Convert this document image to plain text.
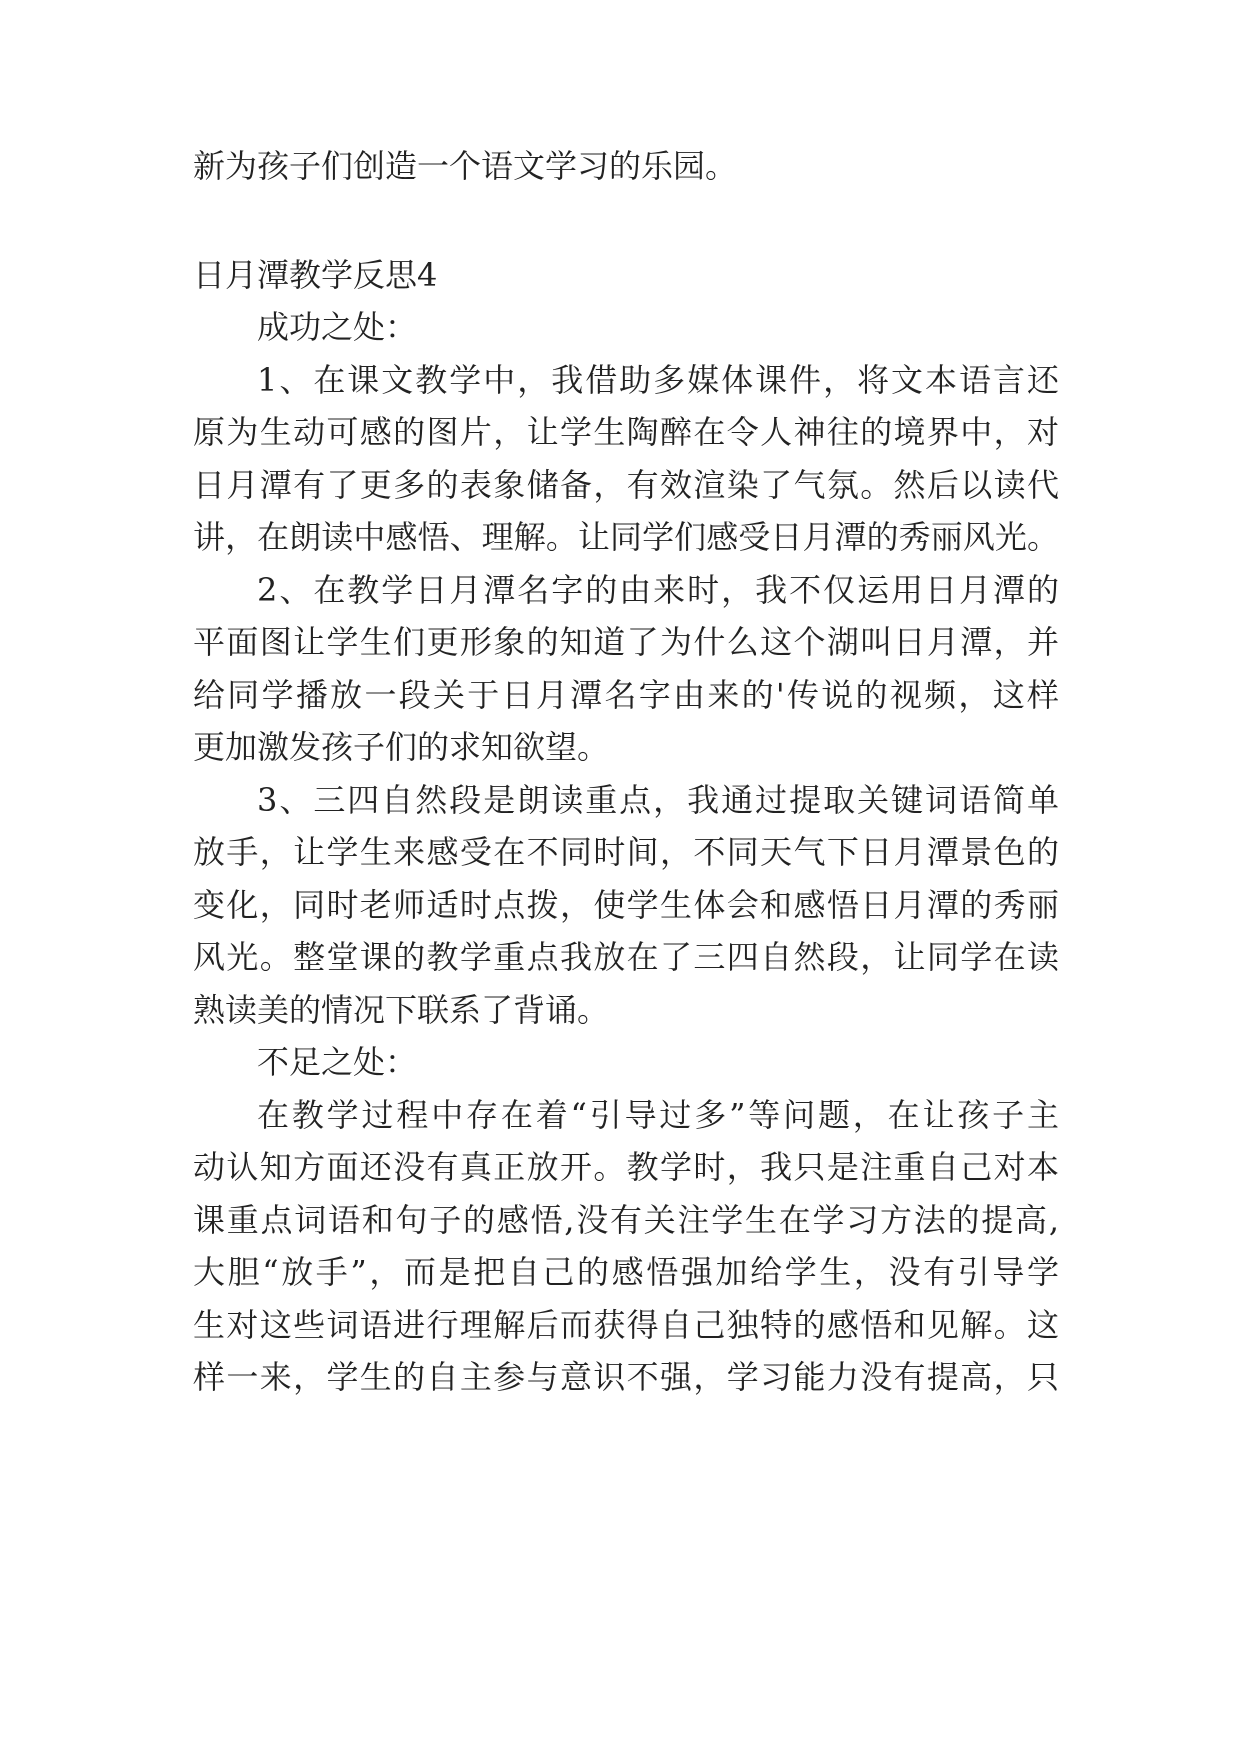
新为孩子们创造一个语文学习的乐园。
日月潭教学反思4
成功之处：
1、在课文教学中，我借助多媒体课件，将文本语言还
原为生动可感的图片，让学生陶醉在令人神往的境界中，对
日月潭有了更多的表象储备，有效渲染了气氛。然后以读代
讲，在朗读中感悟、理解。让同学们感受日月潭的秀丽风光。
2、在教学日月潭名字的由来时，我不仅运用日月潭的
平面图让学生们更形象的知道了为什么这个湖叫日月潭，并
给同学播放一段关于日月潭名字由来的'传说的视频，这样
更加激发孩子们的求知欲望。
3、三四自然段是朗读重点，我通过提取关键词语简单
放手，让学生来感受在不同时间，不同天气下日月潭景色的
变化，同时老师适时点拨，使学生体会和感悟日月潭的秀丽
风光。整堂课的教学重点我放在了三四自然段，让同学在读
熟读美的情况下联系了背诵。
不足之处：
在教学过程中存在着“引导过多”等问题，在让孩子主
动认知方面还没有真正放开。教学时，我只是注重自己对本
课重点词语和句子的感悟,没有关注学生在学习方法的提高,
大胆“放手”，而是把自己的感悟强加给学生，没有引导学
生对这些词语进行理解后而获得自己独特的感悟和见解。这
样一来，学生的自主参与意识不强，学习能力没有提高，只
